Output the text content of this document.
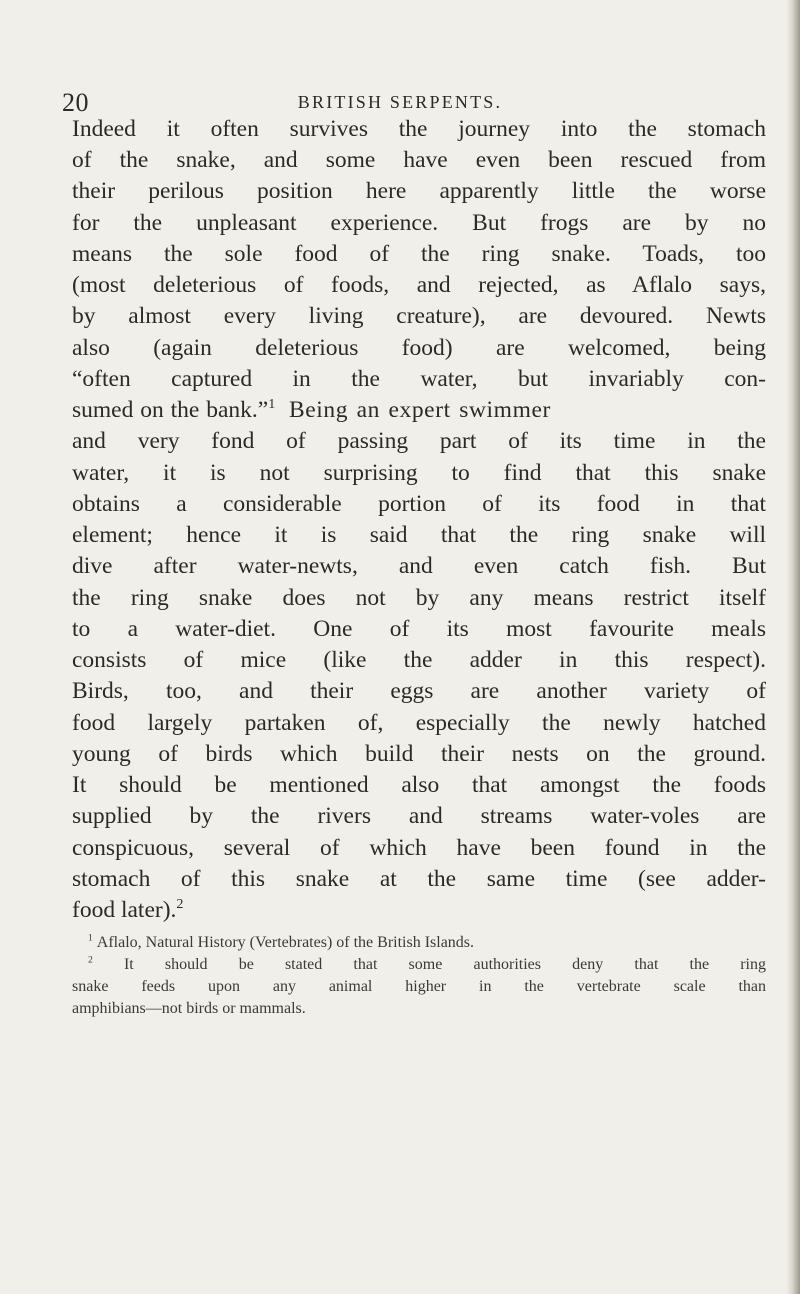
20	BRITISH SERPENTS.
Indeed it often survives the journey into the stomach
of the snake, and some have even been rescued from
their perilous position here apparently little the worse
for the unpleasant experience. But frogs are by no
means the sole food of the ring snake. Toads, too
(most deleterious of foods, and rejected, as Aflalo says,
by almost every living creature), are devoured. Newts
also (again deleterious food) are welcomed, being
“often captured in the water, but invariably con-
sumed on the bank.”$^1$ Being an expert swimmer
and very fond of passing part of its time in the
water, it is not surprising to find that this snake
obtains a considerable portion of its food in that
element; hence it is said that the ring snake will
dive after water-newts, and even catch fish. But
the ring snake does not by any means restrict itself
to a water-diet. One of its most favourite meals
consists of mice (like the adder in this respect).
Birds, too, and their eggs are another variety of
food largely partaken of, especially the newly hatched
young of birds which build their nests on the ground.
It should be mentioned also that amongst the foods
supplied by the rivers and streams water-voles are
conspicuous, several of which have been found in the
stomach of this snake at the same time (see adder-
food later).$^2$
$^1$ Aflalo, Natural History (Vertebrates) of the British Islands.
$^2$ It should be stated that some authorities deny that the ring
snake feeds upon any animal higher in the vertebrate scale than
amphibians—not birds or mammals.
